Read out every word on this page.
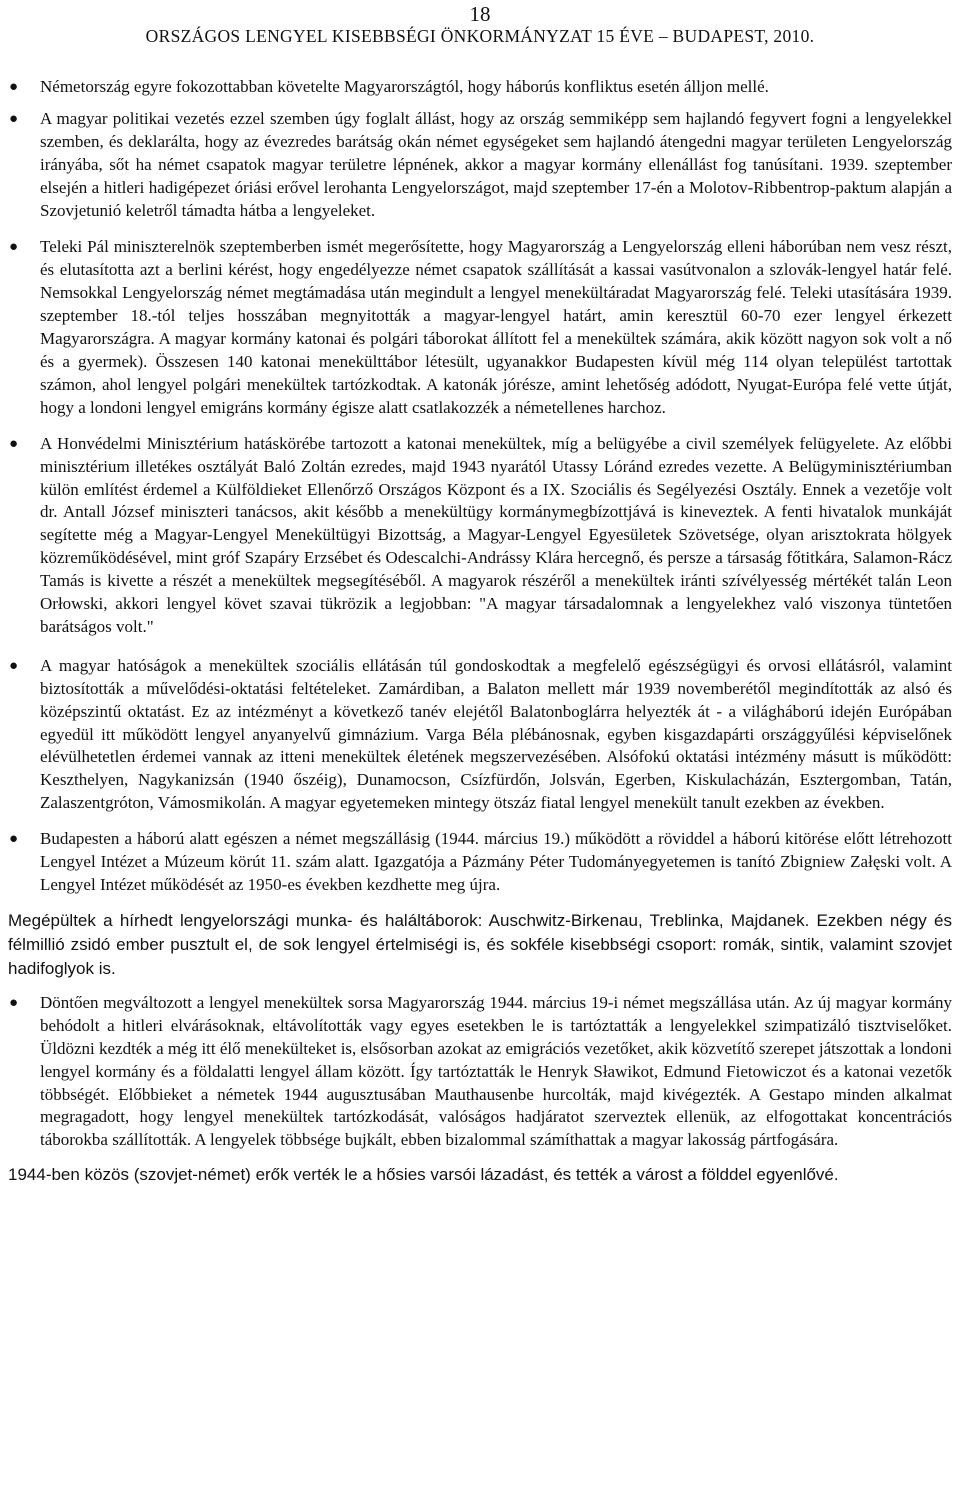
18
ORSZÁGOS LENGYEL KISEBBSÉGI ÖNKORMÁNYZAT 15 ÉVE – BUDAPEST, 2010.
● Németország egyre fokozottabban követelte Magyarországtól, hogy háborús konfliktus esetén álljon mellé.
● A magyar politikai vezetés ezzel szemben úgy foglalt állást, hogy az ország semmiképp sem hajlandó fegyvert fogni a lengyelekkel szemben, és deklarálta, hogy az évezredes barátság okán német egységeket sem hajlandó átengedni magyar területen Lengyelország irányába, sőt ha német csapatok magyar területre lépnének, akkor a magyar kormány ellenállást fog tanúsítani. 1939. szeptember elsején a hitleri hadigépezet óriási erővel lerohanta Lengyelországot, majd szeptember 17-én a Molotov-Ribbentrop-paktum alapján a Szovjetunió keletről támadta hátba a lengyeleket.
● Teleki Pál miniszterelnök szeptemberben ismét megerősítette, hogy Magyarország a Lengyelország elleni háborúban nem vesz részt, és elutasította azt a berlini kérést, hogy engedélyezze német csapatok szállítását a kassai vasútvonalon a szlovák-lengyel határ felé. Nemsokkal Lengyelország német megtámadása után megindult a lengyel menekültáradat Magyarország felé. Teleki utasítására 1939. szeptember 18.-tól teljes hosszában megnyitották a magyar-lengyel határt, amin keresztül 60-70 ezer lengyel érkezett Magyarországra. A magyar kormány katonai és polgári táborokat állított fel a menekültek számára, akik között nagyon sok volt a nő és a gyermek). Összesen 140 katonai menekülttábor létesült, ugyanakkor Budapesten kívül még 114 olyan települést tartottak számon, ahol lengyel polgári menekültek tartózkodtak. A katonák jórésze, amint lehetőség adódott, Nyugat-Európa felé vette útját, hogy a londoni lengyel emigráns kormány égisze alatt csatlakozzék a németellenes harchoz.
● A Honvédelmi Minisztérium hatáskörébe tartozott a katonai menekültek, míg a belügyébe a civil személyek felügyelete. Az előbbi minisztérium illetékes osztályát Baló Zoltán ezredes, majd 1943 nyarától Utassy Lóránd ezredes vezette. A Belügyminisztériumban külön említést érdemel a Külföldieket Ellenőrző Országos Központ és a IX. Szociális és Segélyezési Osztály. Ennek a vezetője volt dr. Antall József miniszteri tanácsos, akit később a menekültügy kormánymegbízottjává is kineveztek. A fenti hivatalok munkáját segítette még a Magyar-Lengyel Menekültügyi Bizottság, a Magyar-Lengyel Egyesületek Szövetsége, olyan arisztokrata hölgyek közreműködésével, mint gróf Szapáry Erzsébet és Odescalchi-Andrássy Klára hercegnő, és persze a társaság főtitkára, Salamon-Rácz Tamás is kivette a részét a menekültek megsegítéséből. A magyarok részéről a menekültek iránti szívélyesség mértékét talán Leon Orłowski, akkori lengyel követ szavai tükrözik a legjobban: "A magyar társadalomnak a lengyelekhez való viszonya tüntetően barátságos volt."
● A magyar hatóságok a menekültek szociális ellátásán túl gondoskodtak a megfelelő egészségügyi és orvosi ellátásról, valamint biztosították a művelődési-oktatási feltételeket. Zamárdiban, a Balaton mellett már 1939 novemberétől megindították az alsó és középszintű oktatást. Ez az intézményt a következő tanév elejétől Balatonboglárra helyezték át - a világháború idején Európában egyedül itt működött lengyel anyanyelvű gimnázium. Varga Béla plébánosnak, egyben kisgazdapárti országgyűlési képviselőnek elévülhetetlen érdemei vannak az itteni menekültek életének megszervezésében. Alsófokú oktatási intézmény másutt is működött: Keszthelyen, Nagykanizsán (1940 őszéig), Dunamocson, Csízfürdőn, Jolsván, Egerben, Kiskulacházán, Esztergomban, Tatán, Zalaszentgróton, Vámosmikolán. A magyar egyetemeken mintegy ötszáz fiatal lengyel menekült tanult ezekben az években.
● Budapesten a háború alatt egészen a német megszállásig (1944. március 19.) működött a röviddel a háború kitörése előtt létrehozott Lengyel Intézet a Múzeum körút 11. szám alatt. Igazgatója a Pázmány Péter Tudományegyetemen is tanító Zbigniew Załęski volt. A Lengyel Intézet működését az 1950-es években kezdhette meg újra.

Megépültek a hírhedt lengyelországi munka- és haláltáborok: Auschwitz-Birkenau, Treblinka, Majdanek. Ezekben négy és félmillió zsidó ember pusztult el, de sok lengyel értelmiségi is, és sokféle kisebbségi csoport: romák, sintik, valamint szovjet hadifoglyok is.

● Döntően megváltozott a lengyel menekültek sorsa Magyarország 1944. március 19-i német megszállása után. Az új magyar kormány behódolt a hitleri elvárásoknak, eltávolították vagy egyes esetekben le is tartóztatták a lengyelekkel szimpatizáló tisztviselőket. Üldözni kezdték a még itt élő menekülteket is, elsősorban azokat az emigrációs vezetőket, akik közvetítő szerepet játszottak a londoni lengyel kormány és a földalatti lengyel állam között. Így tartóztatták le Henryk Sławikot, Edmund Fietowiczot és a katonai vezetők többségét. Előbbieket a németek 1944 augusztusában Mauthausenbe hurcolták, majd kivégezték. A Gestapo minden alkalmat megragadott, hogy lengyel menekültek tartózkodását, valóságos hadjáratot szerveztek ellenük, az elfogottakat koncentrációs táborokba szállították. A lengyelek többsége bujkált, ebben bizalommal számíthattak a magyar lakosság pártfogására.

1944-ben közös (szovjet-német) erők verték le a hősies varsói lázadást, és tették a várost a földdel egyenlővé.
